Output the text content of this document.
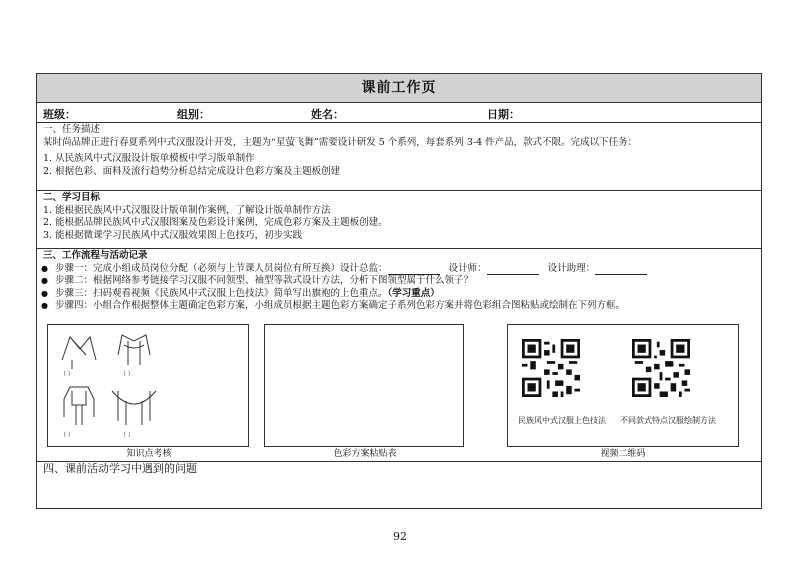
课前工作页
班级：	组别：	姓名：	日期：

一、任务描述

某时尚品牌正进行春夏系列中式汉服设计开发，主题为“星萤飞舞”需要设计研发 5 个系列，每套系列 3-4 件产品，款式不限。完成以下任务：

1. 从民族风中式汉服设计版单模板中学习版单制作

2. 根据色彩、面料及流行趋势分析总结完成设计色彩方案及主题板创建

二、学习目标

1. 能根据民族风中式汉服设计版单制作案例，了解设计版单制作方法

2. 能根据品牌民族风中式汉服图案及色彩设计案例，完成色彩方案及主题板创建。

3. 能根据微课学习民族风中式汉服效果图上色技巧，初步实践

三、工作流程与活动记录

● 步骤一：完成小组成员岗位分配（必须与上节课人员岗位有所互换）设计总监：	设计师：	设计助理：

● 步骤二：根据网络参考链接学习汉服不同领型、袖型等款式设计方法，分析下图领型属于什么领子？

● 步骤三：扫码观看视频《民族风中式汉服上色技法》简单写出旗袍的上色重点。（学习重点）

● 步骤四：小组合作根据整体主题确定色彩方案，小组成员根据主题色彩方案确定子系列色彩方案并将色彩组合图粘贴或绘制在下列方框。

（ ）	（ ）
（ ）	（ ）
知识点考核	色彩方案粘贴表
民族风中式汉服上色技法 不同款式特点汉服绘制方法
视频二维码

四、课前活动学习中遇到的问题

92
